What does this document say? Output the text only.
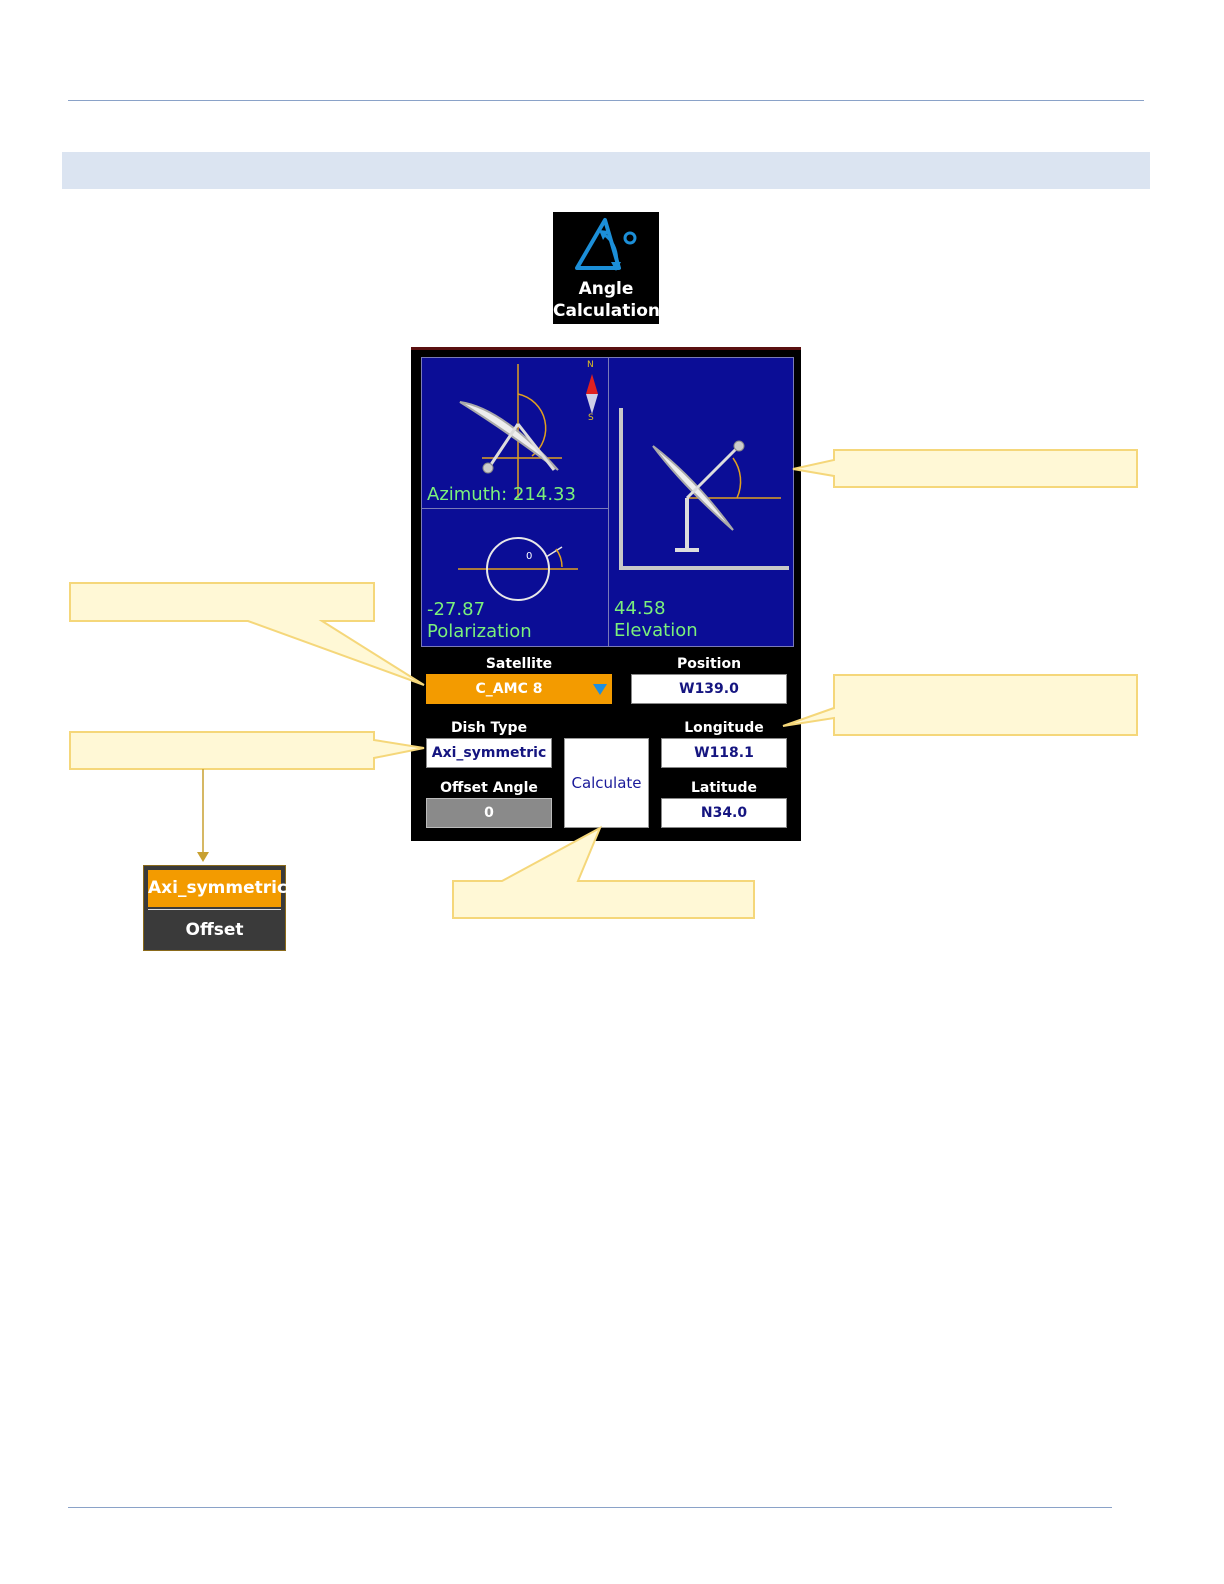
Angle
Calculation
N
S
Azimuth: 214.33
0
-27.87
Polarization
44.58
Elevation
Satellite
C_AMC 8
Position
W139.0
Dish Type
Axi_symmetric
Calculate
Longitude
W118.1
Offset Angle
0
Latitude
N34.0
Axi_symmetric
Offset
